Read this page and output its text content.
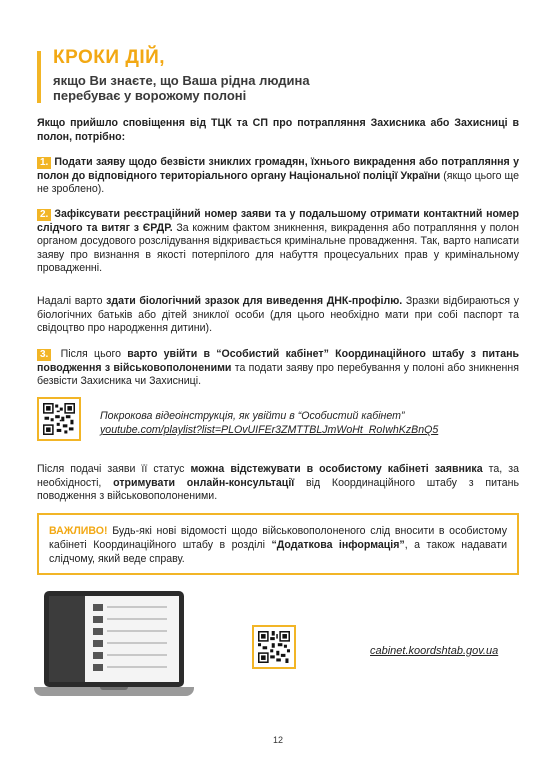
КРОКИ ДІЙ,
якщо Ви знаєте, що Ваша рідна людина
перебуває у ворожому полоні
Якщо прийшло сповіщення від ТЦК та СП про потрапляння Захисника або Захисниці в полон, потрібно:
1. Подати заяву щодо безвісти зниклих громадян, їхнього викрадення або потрапляння у полон до відповідного територіального органу Національної поліції України (якщо цього ще не зроблено).
2. Зафіксувати реєстраційний номер заяви та у подальшому отримати контактний номер слідчого та витяг з ЄРДР. За кожним фактом зникнення, викрадення або потрапляння у полон органом досудового розслідування відкривається кримінальне провадження. Так, варто написати заяву про визнання в якості потерпілого для набуття процесуальних прав у кримінальному провадженні.
Надалі варто здати біологічний зразок для виведення ДНК-профілю. Зразки відбираються у біологічних батьків або дітей зниклої особи (для цього необхідно мати при собі паспорт та свідоцтво про народження дитини).
3. Після цього варто увійти в “Особистий кабінет” Координаційного штабу з питань поводження з військовополоненими та подати заяву про перебування у полоні або зникнення безвісти Захисника чи Захисниці.
Покрокова відеоінструкція, як увійти в “Особистий кабінет”
youtube.com/playlist?list=PLOvUIFEr3ZMTTBLJmWoHt_RoIwhKzBnQ5
Після подачі заяви її статус можна відстежувати в особистому кабінеті заявника та, за необхідності, отримувати онлайн-консультації від Координаційного штабу з питань поводження з військовополоненими.
ВАЖЛИВО! Будь-які нові відомості щодо військовополоненого слід вносити в особистому кабінеті Координаційного штабу в розділі “Додаткова інформація”, а також надавати слідчому, який веде справу.
cabinet.koordshtab.gov.ua
12
